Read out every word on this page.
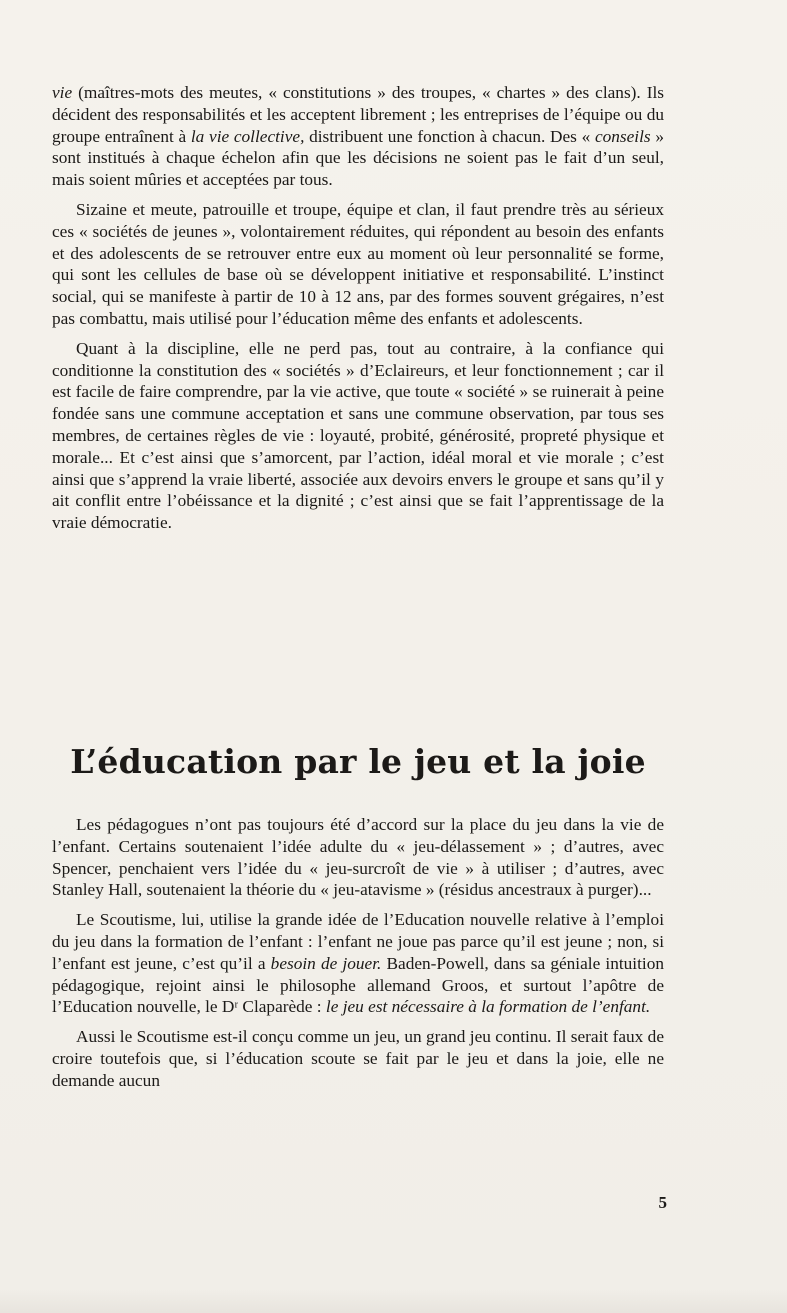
vie (maîtres-mots des meutes, « constitutions » des troupes, « chartes » des clans). Ils décident des responsabilités et les acceptent librement ; les entreprises de l’équipe ou du groupe entraînent à la vie collective, distribuent une fonction à chacun. Des « conseils » sont institués à chaque échelon afin que les décisions ne soient pas le fait d’un seul, mais soient mûries et acceptées par tous.

Sizaine et meute, patrouille et troupe, équipe et clan, il faut prendre très au sérieux ces « sociétés de jeunes », volontairement réduites, qui répondent au besoin des enfants et des adolescents de se retrouver entre eux au moment où leur personnalité se forme, qui sont les cellules de base où se développent initiative et responsabilité. L’instinct social, qui se manifeste à partir de 10 à 12 ans, par des formes souvent grégaires, n’est pas combattu, mais utilisé pour l’éducation même des enfants et adolescents.

Quant à la discipline, elle ne perd pas, tout au contraire, à la confiance qui conditionne la constitution des « sociétés » d’Eclaireurs, et leur fonctionnement ; car il est facile de faire comprendre, par la vie active, que toute « société » se ruinerait à peine fondée sans une commune acceptation et sans une commune observation, par tous ses membres, de certaines règles de vie : loyauté, probité, générosité, propreté physique et morale... Et c’est ainsi que s’amorcent, par l’action, idéal moral et vie morale ; c’est ainsi que s’apprend la vraie liberté, associée aux devoirs envers le groupe et sans qu’il y ait conflit entre l’obéissance et la dignité ; c’est ainsi que se fait l’apprentissage de la vraie démocratie.

L’éducation par le jeu et la joie

Les pédagogues n’ont pas toujours été d’accord sur la place du jeu dans la vie de l’enfant. Certains soutenaient l’idée adulte du « jeu-délassement » ; d’autres, avec Spencer, penchaient vers l’idée du « jeu-surcroît de vie » à utiliser ; d’autres, avec Stanley Hall, soutenaient la théorie du « jeu-atavisme » (résidus ancestraux à purger)...

Le Scoutisme, lui, utilise la grande idée de l’Education nouvelle relative à l’emploi du jeu dans la formation de l’enfant : l’enfant ne joue pas parce qu’il est jeune ; non, si l’enfant est jeune, c’est qu’il a besoin de jouer. Baden-Powell, dans sa géniale intuition pédagogique, rejoint ainsi le philosophe allemand Groos, et surtout l’apôtre de l’Education nouvelle, le Dʳ Claparède : le jeu est nécessaire à la formation de l’enfant.

Aussi le Scoutisme est-il conçu comme un jeu, un grand jeu continu. Il serait faux de croire toutefois que, si l’éducation scoute se fait par le jeu et dans la joie, elle ne demande aucun

5
